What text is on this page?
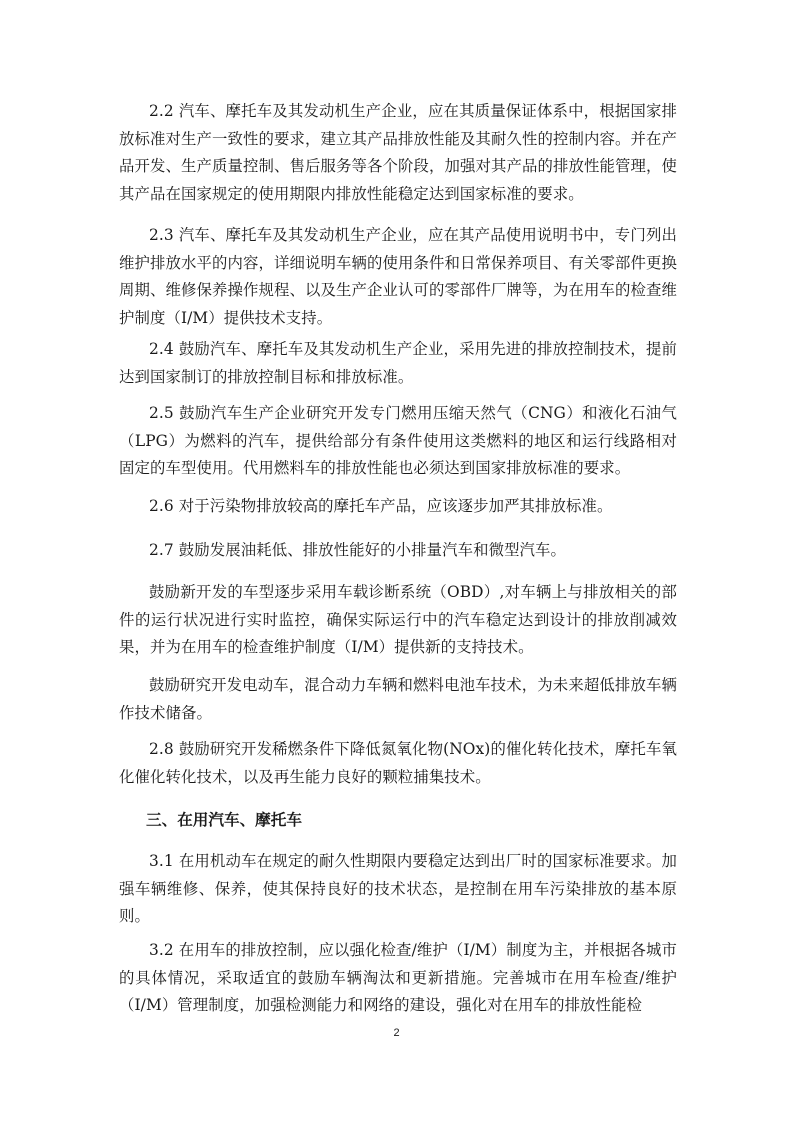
2.2 汽车、摩托车及其发动机生产企业，应在其质量保证体系中，根据国家排放标准对生产一致性的要求，建立其产品排放性能及其耐久性的控制内容。并在产品开发、生产质量控制、售后服务等各个阶段，加强对其产品的排放性能管理，使其产品在国家规定的使用期限内排放性能稳定达到国家标准的要求。

2.3 汽车、摩托车及其发动机生产企业，应在其产品使用说明书中，专门列出维护排放水平的内容，详细说明车辆的使用条件和日常保养项目、有关零部件更换周期、维修保养操作规程、以及生产企业认可的零部件厂牌等，为在用车的检查维护制度（I/M）提供技术支持。

2.4 鼓励汽车、摩托车及其发动机生产企业，采用先进的排放控制技术，提前达到国家制订的排放控制目标和排放标准。

2.5 鼓励汽车生产企业研究开发专门燃用压缩天然气（CNG）和液化石油气（LPG）为燃料的汽车，提供给部分有条件使用这类燃料的地区和运行线路相对固定的车型使用。代用燃料车的排放性能也必须达到国家排放标准的要求。

2.6 对于污染物排放较高的摩托车产品，应该逐步加严其排放标准。

2.7 鼓励发展油耗低、排放性能好的小排量汽车和微型汽车。

鼓励新开发的车型逐步采用车载诊断系统（OBD）,对车辆上与排放相关的部件的运行状况进行实时监控，确保实际运行中的汽车稳定达到设计的排放削减效果，并为在用车的检查维护制度（I/M）提供新的支持技术。

鼓励研究开发电动车，混合动力车辆和燃料电池车技术，为未来超低排放车辆作技术储备。

2.8 鼓励研究开发稀燃条件下降低氮氧化物(NOx)的催化转化技术，摩托车氧化催化转化技术，以及再生能力良好的颗粒捕集技术。

三、在用汽车、摩托车

3.1 在用机动车在规定的耐久性期限内要稳定达到出厂时的国家标准要求。加强车辆维修、保养，使其保持良好的技术状态，是控制在用车污染排放的基本原则。

3.2 在用车的排放控制，应以强化检查/维护（I/M）制度为主，并根据各城市的具体情况，采取适宜的鼓励车辆淘汰和更新措施。完善城市在用车检查/维护（I/M）管理制度，加强检测能力和网络的建设，强化对在用车的排放性能检

2
